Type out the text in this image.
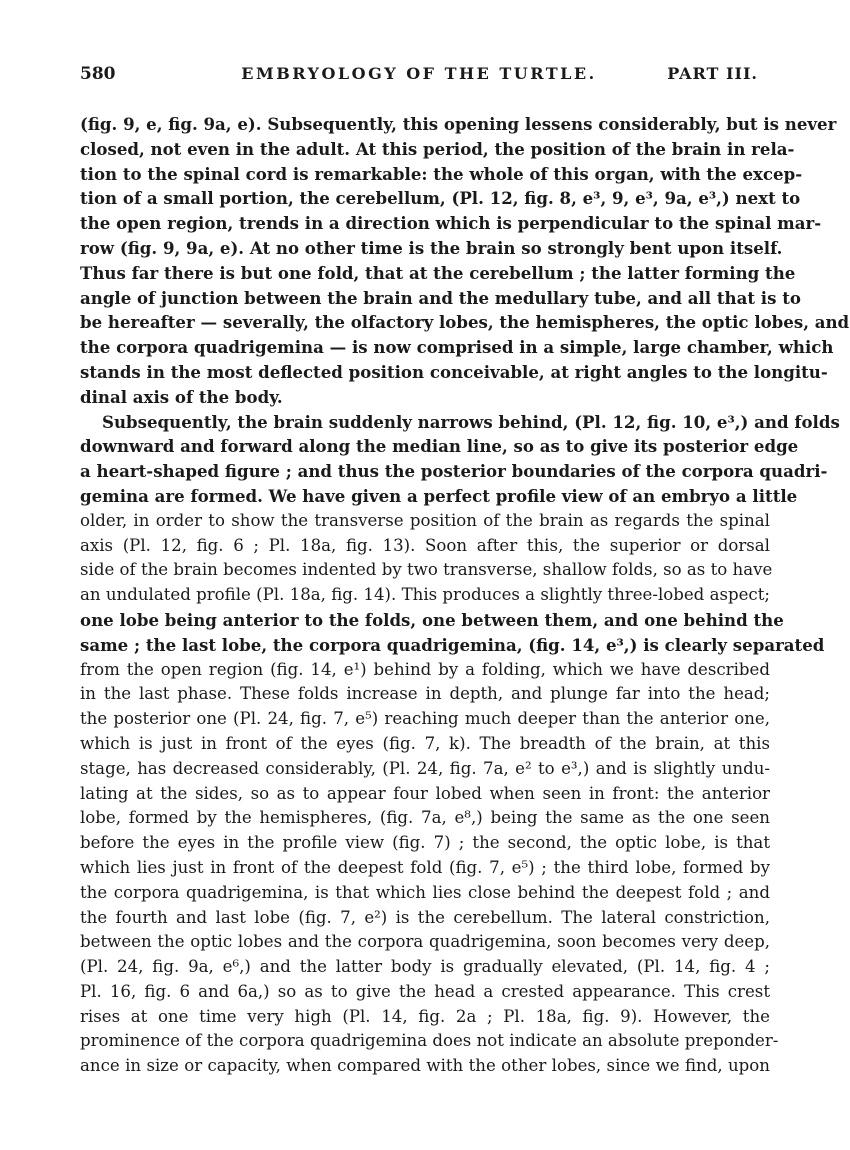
580	EMBRYOLOGY OF THE TURTLE.	PART III.
(fig. 9, e, fig. 9a, e). Subsequently, this opening lessens considerably, but is never
closed, not even in the adult. At this period, the position of the brain in rela-
tion to the spinal cord is remarkable: the whole of this organ, with the excep-
tion of a small portion, the cerebellum, (Pl. 12, fig. 8, e³, 9, e³, 9a, e³,) next to
the open region, trends in a direction which is perpendicular to the spinal mar-
row (fig. 9, 9a, e). At no other time is the brain so strongly bent upon itself.
Thus far there is but one fold, that at the cerebellum ; the latter forming the
angle of junction between the brain and the medullary tube, and all that is to
be hereafter — severally, the olfactory lobes, the hemispheres, the optic lobes, and
the corpora quadrigemina — is now comprised in a simple, large chamber, which
stands in the most deflected position conceivable, at right angles to the longitu-
dinal axis of the body.
Subsequently, the brain suddenly narrows behind, (Pl. 12, fig. 10, e³,) and folds
downward and forward along the median line, so as to give its posterior edge
a heart-shaped figure ; and thus the posterior boundaries of the corpora quadri-
gemina are formed. We have given a perfect profile view of an embryo a little
older, in order to show the transverse position of the brain as regards the spinal
axis (Pl. 12, fig. 6 ; Pl. 18a, fig. 13). Soon after this, the superior or dorsal
side of the brain becomes indented by two transverse, shallow folds, so as to have
an undulated profile (Pl. 18a, fig. 14). This produces a slightly three-lobed aspect;
one lobe being anterior to the folds, one between them, and one behind the
same ; the last lobe, the corpora quadrigemina, (fig. 14, e³,) is clearly separated
from the open region (fig. 14, e¹) behind by a folding, which we have described
in the last phase. These folds increase in depth, and plunge far into the head;
the posterior one (Pl. 24, fig. 7, e⁵) reaching much deeper than the anterior one,
which is just in front of the eyes (fig. 7, k). The breadth of the brain, at this
stage, has decreased considerably, (Pl. 24, fig. 7a, e² to e³,) and is slightly undu-
lating at the sides, so as to appear four lobed when seen in front: the anterior
lobe, formed by the hemispheres, (fig. 7a, e⁸,) being the same as the one seen
before the eyes in the profile view (fig. 7) ; the second, the optic lobe, is that
which lies just in front of the deepest fold (fig. 7, e⁵) ; the third lobe, formed by
the corpora quadrigemina, is that which lies close behind the deepest fold ; and
the fourth and last lobe (fig. 7, e²) is the cerebellum. The lateral constriction,
between the optic lobes and the corpora quadrigemina, soon becomes very deep,
(Pl. 24, fig. 9a, e⁶,) and the latter body is gradually elevated, (Pl. 14, fig. 4 ;
Pl. 16, fig. 6 and 6a,) so as to give the head a crested appearance. This crest
rises at one time very high (Pl. 14, fig. 2a ; Pl. 18a, fig. 9). However, the
prominence of the corpora quadrigemina does not indicate an absolute preponder-
ance in size or capacity, when compared with the other lobes, since we find, upon
